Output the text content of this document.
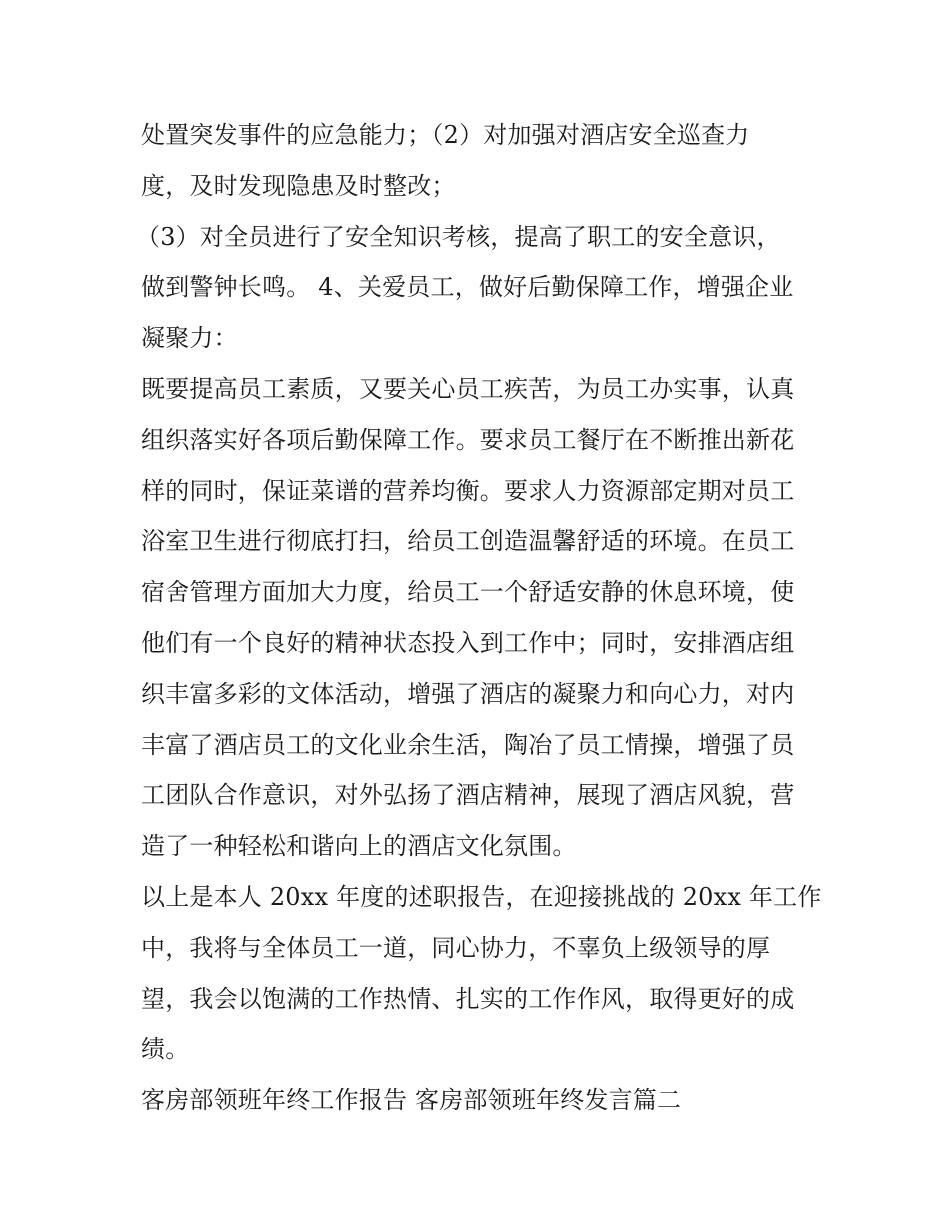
处置突发事件的应急能力；（2）对加强对酒店安全巡查力
度，及时发现隐患及时整改；
（3）对全员进行了安全知识考核，提高了职工的安全意识，
做到警钟长鸣。 4、关爱员工，做好后勤保障工作，增强企业
凝聚力：
既要提高员工素质，又要关心员工疾苦，为员工办实事，认真
组织落实好各项后勤保障工作。要求员工餐厅在不断推出新花
样的同时，保证菜谱的营养均衡。要求人力资源部定期对员工
浴室卫生进行彻底打扫，给员工创造温馨舒适的环境。在员工
宿舍管理方面加大力度，给员工一个舒适安静的休息环境，使
他们有一个良好的精神状态投入到工作中；同时，安排酒店组
织丰富多彩的文体活动，增强了酒店的凝聚力和向心力，对内
丰富了酒店员工的文化业余生活，陶冶了员工情操，增强了员
工团队合作意识，对外弘扬了酒店精神，展现了酒店风貌，营
造了一种轻松和谐向上的酒店文化氛围。
以上是本人 20xx 年度的述职报告，在迎接挑战的 20xx 年工作
中，我将与全体员工一道，同心协力，不辜负上级领导的厚
望，我会以饱满的工作热情、扎实的工作作风，取得更好的成
绩。
客房部领班年终工作报告 客房部领班年终发言篇二
